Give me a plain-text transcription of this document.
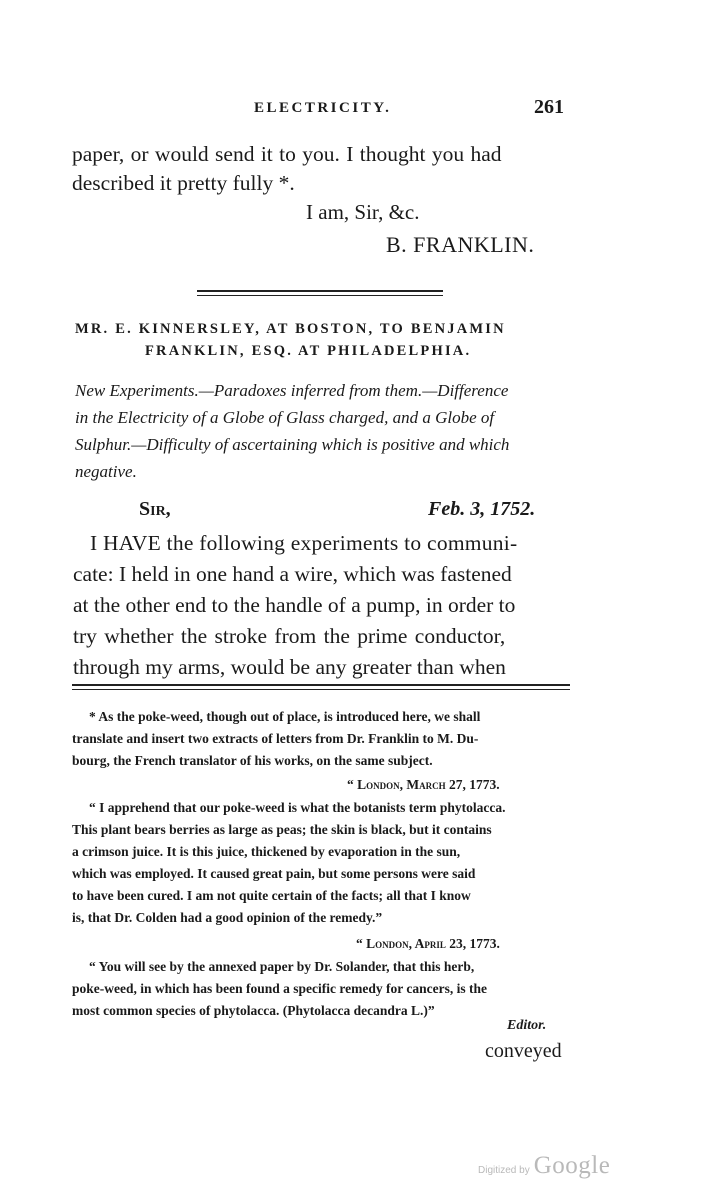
ELECTRICITY.	261
paper, or would send it to you. I thought you had
described it pretty fully *.
I am, Sir, &c.
B. FRANKLIN.
MR. E. KINNERSLEY, AT BOSTON, TO BENJAMIN
FRANKLIN, ESQ. AT PHILADELPHIA.
New Experiments.—Paradoxes inferred from them.—Difference
in the Electricity of a Globe of Glass charged, and a Globe of
Sulphur.—Difficulty of ascertaining which is positive and which
negative.
Sir,	Feb. 3, 1752.
I HAVE the following experiments to communi-
cate: I held in one hand a wire, which was fastened
at the other end to the handle of a pump, in order to
try whether the stroke from the prime conductor,
through my arms, would be any greater than when
* As the poke-weed, though out of place, is introduced here, we shall
translate and insert two extracts of letters from Dr. Franklin to M. Du-
bourg, the French translator of his works, on the same subject.
“ London, March 27, 1773.
“ I apprehend that our poke-weed is what the botanists term phytolacca.
This plant bears berries as large as peas; the skin is black, but it contains
a crimson juice. It is this juice, thickened by evaporation in the sun,
which was employed. It caused great pain, but some persons were said
to have been cured. I am not quite certain of the facts; all that I know
is, that Dr. Colden had a good opinion of the remedy.”
“ London, April 23, 1773.
“ You will see by the annexed paper by Dr. Solander, that this herb,
poke-weed, in which has been found a specific remedy for cancers, is the
most common species of phytolacca. (Phytolacca decandra L.)”
Editor.
conveyed
Digitized by Google
